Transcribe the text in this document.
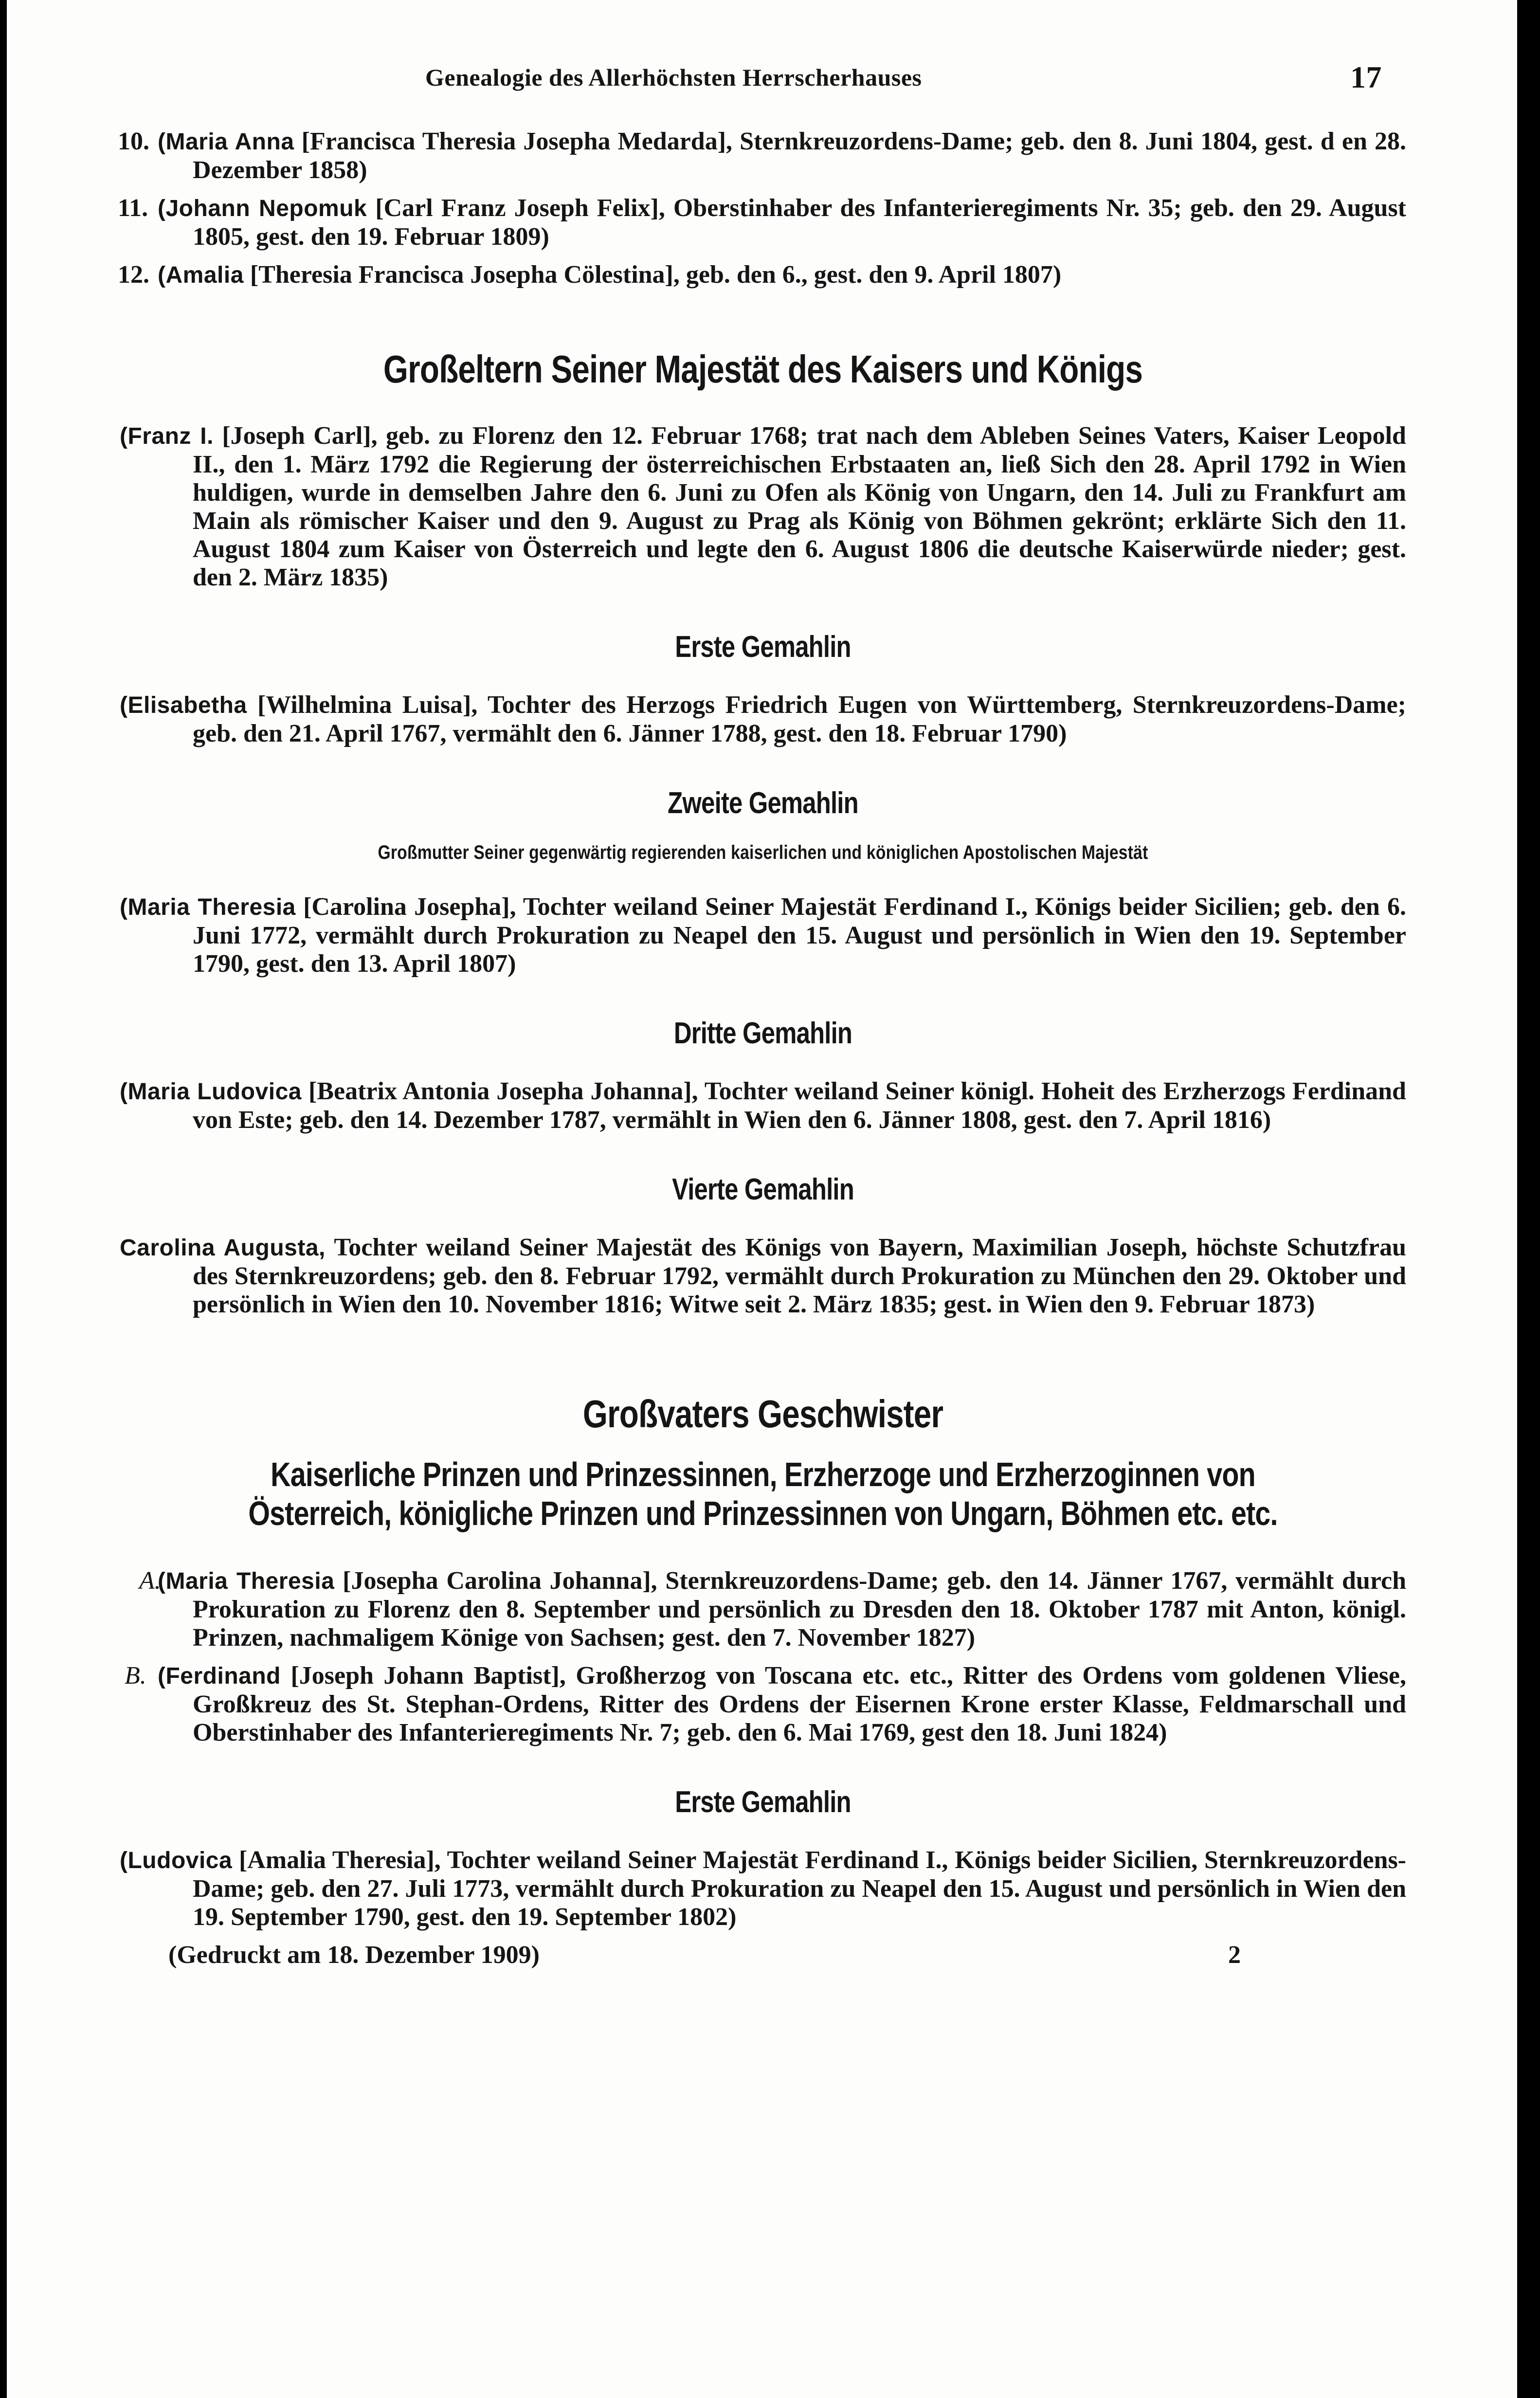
Genealogie des Allerhöchsten Herrscherhauses	17
10. (Maria Anna [Francisca Theresia Josepha Medarda], Sternkreuzordens-Dame; geb. den 8. Juni 1804, gest. d en 28. Dezember 1858)
11. (Johann Nepomuk [Carl Franz Joseph Felix], Oberstinhaber des Infanterieregiments Nr. 35; geb. den 29. August 1805, gest. den 19. Februar 1809)
12. (Amalia [Theresia Francisca Josepha Cölestina], geb. den 6., gest. den 9. April 1807)
Großeltern Seiner Majestät des Kaisers und Königs
(Franz I. [Joseph Carl], geb. zu Florenz den 12. Februar 1768; trat nach dem Ableben Seines Vaters, Kaiser Leopold II., den 1. März 1792 die Regierung der österreichischen Erbstaaten an, ließ Sich den 28. April 1792 in Wien huldigen, wurde in demselben Jahre den 6. Juni zu Ofen als König von Ungarn, den 14. Juli zu Frankfurt am Main als römischer Kaiser und den 9. August zu Prag als König von Böhmen gekrönt; erklärte Sich den 11. August 1804 zum Kaiser von Österreich und legte den 6. August 1806 die deutsche Kaiserwürde nieder; gest. den 2. März 1835)
Erste Gemahlin
(Elisabetha [Wilhelmina Luisa], Tochter des Herzogs Friedrich Eugen von Württemberg, Sternkreuzordens-Dame; geb. den 21. April 1767, vermählt den 6. Jänner 1788, gest. den 18. Februar 1790)
Zweite Gemahlin
Großmutter Seiner gegenwärtig regierenden kaiserlichen und königlichen Apostolischen Majestät
(Maria Theresia [Carolina Josepha], Tochter weiland Seiner Majestät Ferdinand I., Königs beider Sicilien; geb. den 6. Juni 1772, vermählt durch Prokuration zu Neapel den 15. August und persönlich in Wien den 19. September 1790, gest. den 13. April 1807)
Dritte Gemahlin
(Maria Ludovica [Beatrix Antonia Josepha Johanna], Tochter weiland Seiner königl. Hoheit des Erzherzogs Ferdinand von Este; geb. den 14. Dezember 1787, vermählt in Wien den 6. Jänner 1808, gest. den 7. April 1816)
Vierte Gemahlin
Carolina Augusta, Tochter weiland Seiner Majestät des Königs von Bayern, Maximilian Joseph, höchste Schutzfrau des Sternkreuzordens; geb. den 8. Februar 1792, vermählt durch Prokuration zu München den 29. Oktober und persönlich in Wien den 10. November 1816; Witwe seit 2. März 1835; gest. in Wien den 9. Februar 1873)
Großvaters Geschwister
Kaiserliche Prinzen und Prinzessinnen, Erzherzoge und Erzherzoginnen von Österreich, königliche Prinzen und Prinzessinnen von Ungarn, Böhmen etc. etc.
A.
(Maria Theresia [Josepha Carolina Johanna], Sternkreuzordens-Dame; geb. den 14. Jänner 1767, vermählt durch Prokuration zu Florenz den 8. September und persönlich zu Dresden den 18. Oktober 1787 mit Anton, königl. Prinzen, nachmaligem Könige von Sachsen; gest. den 7. November 1827)
B. (Ferdinand [Joseph Johann Baptist], Großherzog von Toscana etc. etc., Ritter des Ordens vom goldenen Vliese, Großkreuz des St. Stephan-Ordens, Ritter des Ordens der Eisernen Krone erster Klasse, Feldmarschall und Oberstinhaber des Infanterieregiments Nr. 7; geb. den 6. Mai 1769, gest den 18. Juni 1824)
Erste Gemahlin
(Ludovica [Amalia Theresia], Tochter weiland Seiner Majestät Ferdinand I., Königs beider Sicilien, Sternkreuzordens-Dame; geb. den 27. Juli 1773, vermählt durch Prokuration zu Neapel den 15. August und persönlich in Wien den 19. September 1790, gest. den 19. September 1802)
(Gedruckt am 18. Dezember 1909)	2
